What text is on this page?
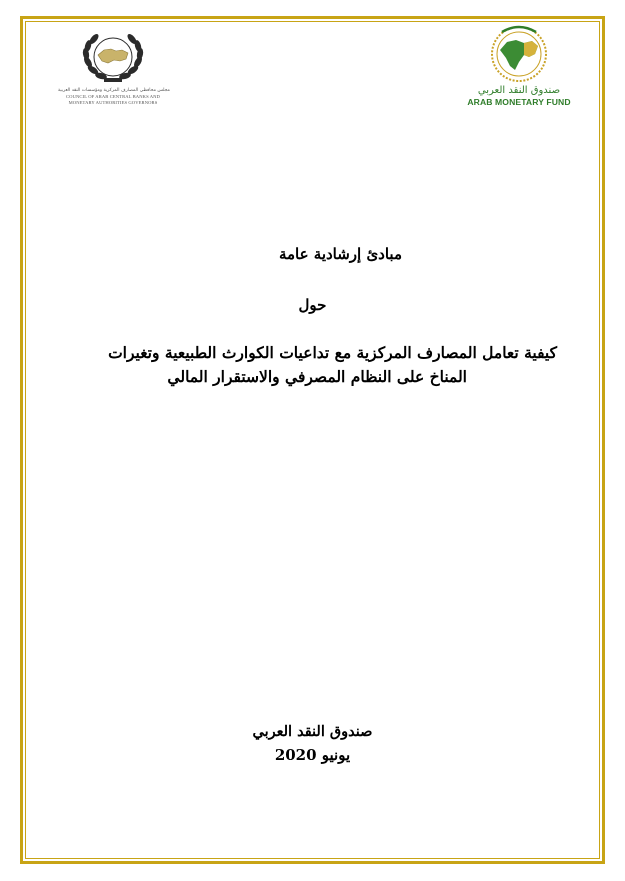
مجلس محافظي المصارف المركزية ومؤسسات النقد العربية
COUNCIL OF ARAB CENTRAL BANKS AND
MONETARY AUTHORITIES GOVERNORS
صندوق النقد العربي
ARAB MONETARY FUND
مبادئ إرشادية عامة
حول
كيفية تعامل المصارف المركزية مع تداعيات الكوارث الطبيعية وتغيرات
المناخ على النظام المصرفي والاستقرار المالي
صندوق النقد العربي
يونيو 2020
